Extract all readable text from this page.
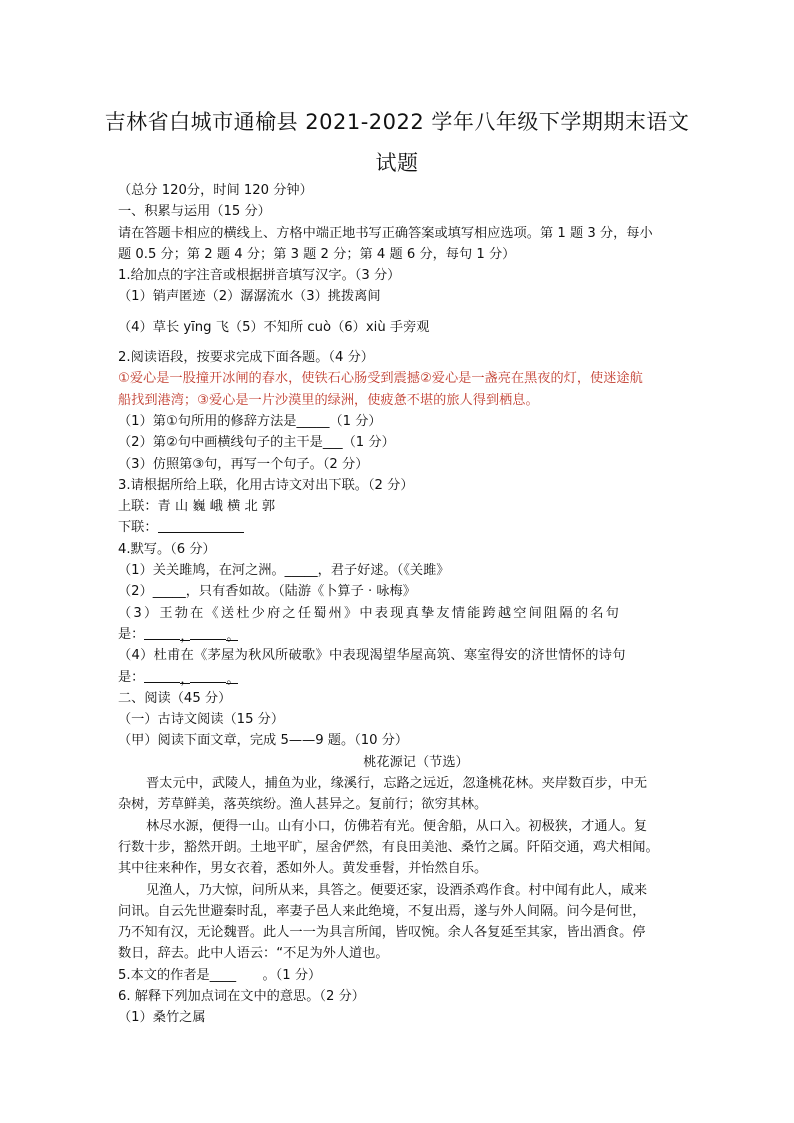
吉林省白城市通榆县 2021-2022 学年八年级下学期期末语文
试题
（总分 120分，时间 120 分钟）
一、积累与运用（15 分）
请在答题卡相应的横线上、方格中端正地书写正确答案或填写相应选项。第 1 题 3 分，每小
题 0.5 分；第 2 题 4 分；第 3 题 2 分；第 4 题 6 分，每句 1 分）
1.给加点的字注音或根据拼音填写汉字。（3 分）
（1）销声匿迹（2）潺潺流水（3）挑拨离间
（4）草长 yīng 飞（5）不知所 cuò（6）xiù 手旁观
2.阅读语段，按要求完成下面各题。（4 分）
①爱心是一股撞开冰闸的春水，使铁石心肠受到震撼②爱心是一盏亮在黑夜的灯，使迷途航
船找到港湾；③爱心是一片沙漠里的绿洲，使疲惫不堪的旅人得到栖息。
（1）第①句所用的修辞方法是_____（1 分）
（2）第②句中画横线句子的主干是___（1 分）
（3）仿照第③句，再写一个句子。（2 分）
3.请根据所给上联，化用古诗文对出下联。（2 分）
上联：青 山 巍 峨 横 北 郭
下联：
4.默写。（6 分）
（1）关关雎鸠，在河之洲。_____，君子好逑。（《关雎》
（2）_____，只有香如故。（陆游《卜算子 · 咏梅》
（3）王勃在《送杜少府之任蜀州》中表现真挚友情能跨越空间阻隔的名句
是：	， 。
（4）杜甫在《茅屋为秋风所破歌》中表现渴望华屋高筑、寒室得安的济世情怀的诗句
是：	， 。
二、阅读（45 分）
（一）古诗文阅读（15 分）
（甲）阅读下面文章，完成 5——9 题。（10 分）
桃花源记（节选）
晋太元中，武陵人，捕鱼为业，缘溪行，忘路之远近，忽逢桃花林。夹岸数百步，中无
杂树，芳草鲜美，落英缤纷。渔人甚异之。复前行；欲穷其林。
林尽水源，便得一山。山有小口，仿佛若有光。便舍船，从口入。初极狭，才通人。复
行数十步，豁然开朗。土地平旷，屋舍俨然，有良田美池、桑竹之属。阡陌交通，鸡犬相闻。
其中往来种作，男女衣着，悉如外人。黄发垂髫，并怡然自乐。
见渔人，乃大惊，问所从来，具答之。便要还家，设酒杀鸡作食。村中闻有此人，咸来
问讯。自云先世避秦时乱，率妻子邑人来此绝境，不复出焉，遂与外人间隔。问今是何世，
乃不知有汉，无论魏晋。此人一一为具言所闻，皆叹惋。余人各复延至其家，皆出酒食。停
数日，辞去。此中人语云：“不足为外人道也。
5.本文的作者是____　　。（1 分）
6. 解释下列加点词在文中的意思。（2 分）
（1）桑竹之属
